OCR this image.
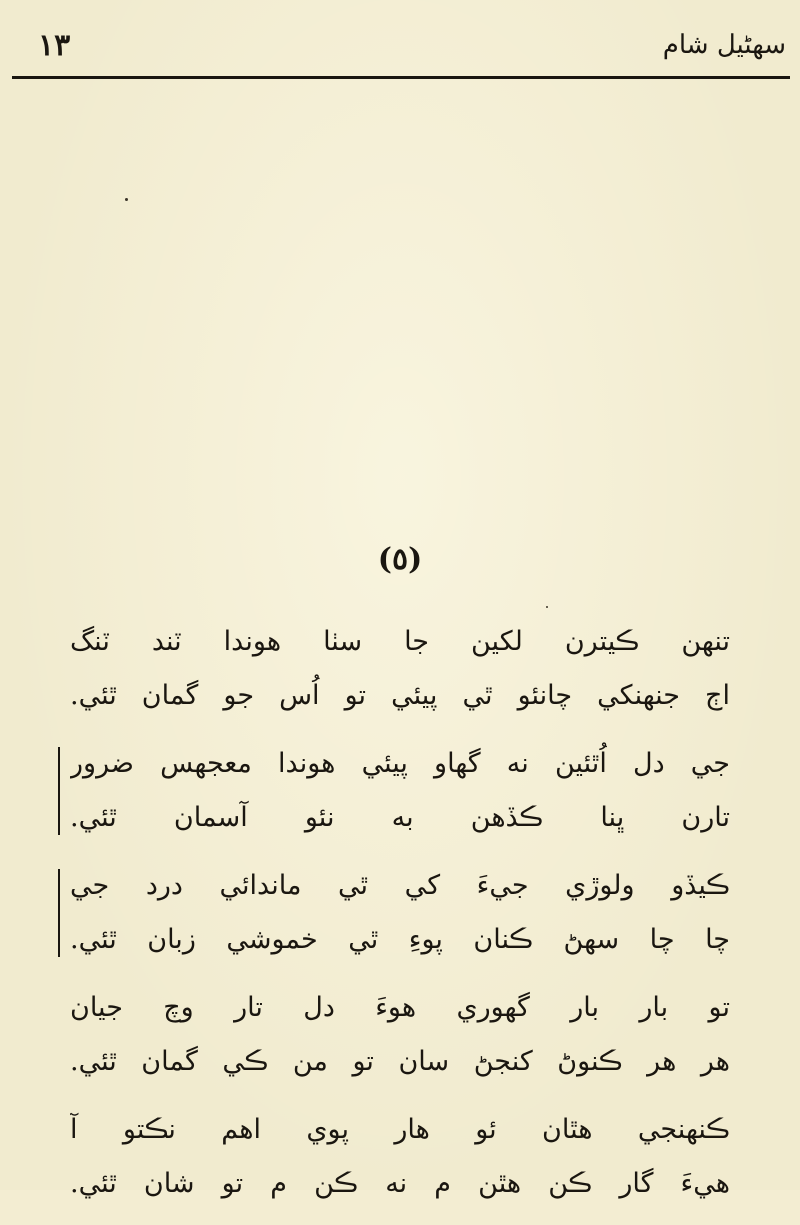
١٣	سهڻيل شام
(٥)
تنهن ڪيترن لکين جا سٺا هوندا ٽند ٽنگ
اڄ جنهنکي چانئو ٿي پيئي تو اُس جو گمان ٿئي.
جي دل اُٿئين نه گهاو پيئي هوندا معجهس ضرور
تارن ڀنا ڪڏهن به نئو آسمان ٿئي.
ڪيڏو ولوڙي جيءَ کي ٿي ماندائي درد جي
چا چا سهڻ ڪنان پوءِ ٿي خموشي زبان ٿئي.
تو بار بار گهوري هوءَ دل تار وچ جيان
هر هر ڪنوڻ کنجڻ سان تو من ڪي گمان ٿئي.
ڪنهنجي هٿان ئو هار پوي اهم نڪتو آ
هيءَ گار ڪن هٿن م نه ڪن م تو شان ٿئي.
